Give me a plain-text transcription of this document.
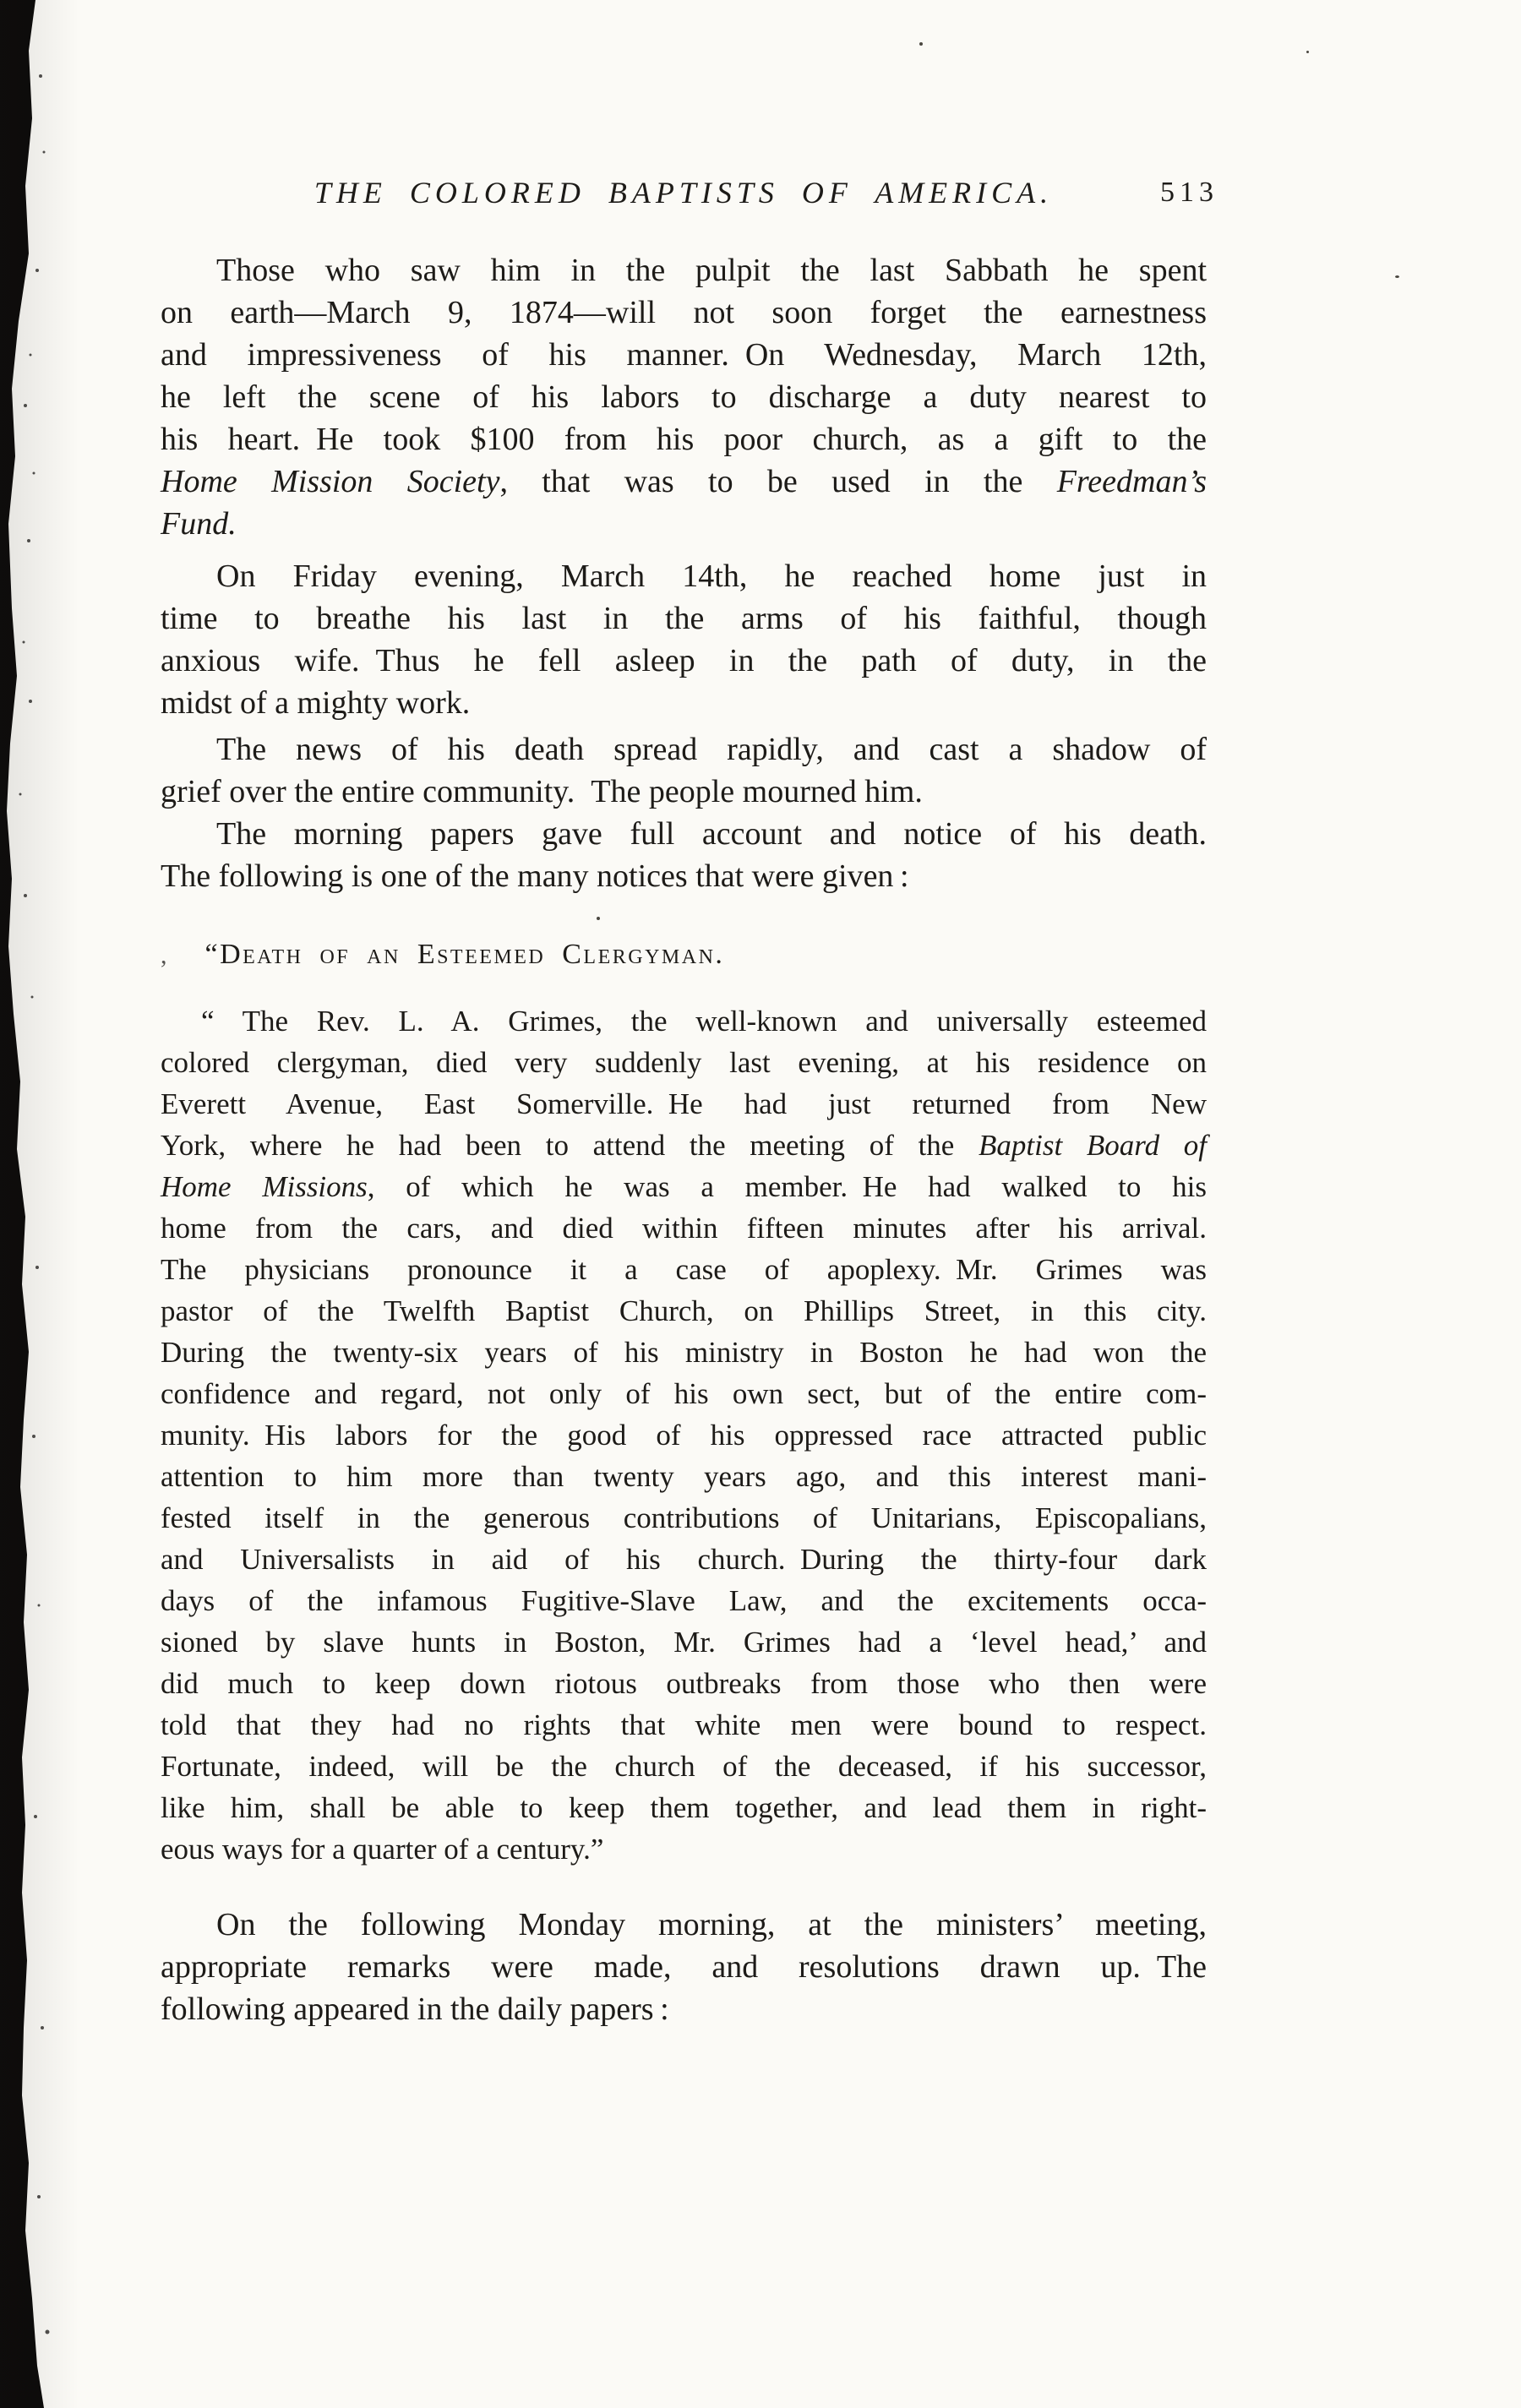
THE COLORED BAPTISTS OF AMERICA.	513
Those who saw him in the pulpit the last Sabbath he spent
on earth—March 9, 1874—will not soon forget the earnestness
and impressiveness of his manner. On Wednesday, March 12th,
he left the scene of his labors to discharge a duty nearest to
his heart. He took $100 from his poor church, as a gift to the
Home Mission Society, that was to be used in the Freedman’s
Fund.
On Friday evening, March 14th, he reached home just in
time to breathe his last in the arms of his faithful, though
anxious wife. Thus he fell asleep in the path of duty, in the
midst of a mighty work.
The news of his death spread rapidly, and cast a shadow of
grief over the entire community. The people mourned him.
The morning papers gave full account and notice of his death.
The following is one of the many notices that were given :
,   “Death of an Esteemed Clergyman.
“ The Rev. L. A. Grimes, the well-known and universally esteemed
colored clergyman, died very suddenly last evening, at his residence on
Everett Avenue, East Somerville. He had just returned from New
York, where he had been to attend the meeting of the Baptist Board of
Home Missions, of which he was a member. He had walked to his
home from the cars, and died within fifteen minutes after his arrival.
The physicians pronounce it a case of apoplexy. Mr. Grimes was
pastor of the Twelfth Baptist Church, on Phillips Street, in this city.
During the twenty-six years of his ministry in Boston he had won the
confidence and regard, not only of his own sect, but of the entire com-
munity. His labors for the good of his oppressed race attracted public
attention to him more than twenty years ago, and this interest mani-
fested itself in the generous contributions of Unitarians, Episcopalians,
and Universalists in aid of his church. During the thirty-four dark
days of the infamous Fugitive-Slave Law, and the excitements occa-
sioned by slave hunts in Boston, Mr. Grimes had a ‘level head,’ and
did much to keep down riotous outbreaks from those who then were
told that they had no rights that white men were bound to respect.
Fortunate, indeed, will be the church of the deceased, if his successor,
like him, shall be able to keep them together, and lead them in right-
eous ways for a quarter of a century.”
On the following Monday morning, at the ministers’ meeting,
appropriate remarks were made, and resolutions drawn up. The
following appeared in the daily papers :
